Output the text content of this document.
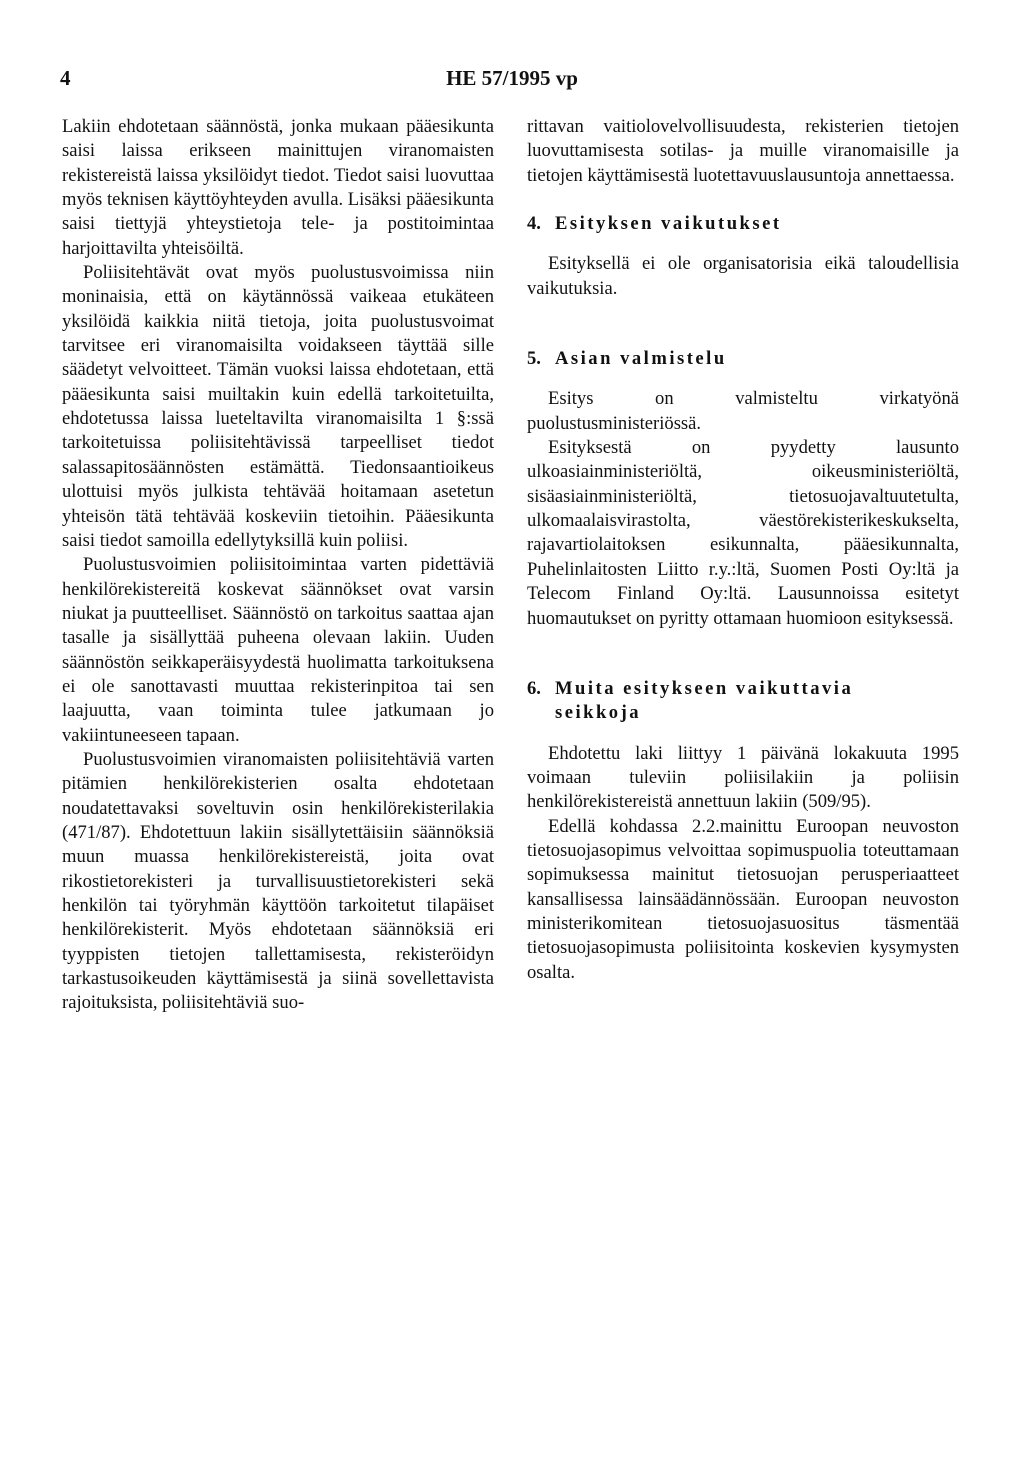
4	HE 57/1995 vp

Lakiin ehdotetaan säännöstä, jonka mukaan pääesikunta saisi laissa erikseen mainittujen viranomaisten rekistereistä laissa yksilöidyt tiedot. Tiedot saisi luovuttaa myös teknisen käyttöyhteyden avulla. Lisäksi pääesikunta saisi tiettyjä yhteystietoja tele- ja postitoimintaa harjoittavilta yhteisöiltä.

Poliisitehtävät ovat myös puolustusvoimissa niin moninaisia, että on käytännössä vaikeaa etukäteen yksilöidä kaikkia niitä tietoja, joita puolustusvoimat tarvitsee eri viranomaisilta voidakseen täyttää sille säädetyt velvoitteet. Tämän vuoksi laissa ehdotetaan, että pääesikunta saisi muiltakin kuin edellä tarkoitetuilta, ehdotetussa laissa lueteltavilta viranomaisilta 1 §:ssä tarkoitetuissa poliisitehtävissä tarpeelliset tiedot salassapitosäännösten estämättä. Tiedonsaantioikeus ulottuisi myös julkista tehtävää hoitamaan asetetun yhteisön tätä tehtävää koskeviin tietoihin. Pääesikunta saisi tiedot samoilla edellytyksillä kuin poliisi.

Puolustusvoimien poliisitoimintaa varten pidettäviä henkilörekistereitä koskevat säännökset ovat varsin niukat ja puutteelliset. Säännöstö on tarkoitus saattaa ajan tasalle ja sisällyttää puheena olevaan lakiin. Uuden säännöstön seikkaperäisyydestä huolimatta tarkoituksena ei ole sanottavasti muuttaa rekisterinpitoa tai sen laajuutta, vaan toiminta tulee jatkumaan jo vakiintuneeseen tapaan.

Puolustusvoimien viranomaisten poliisitehtäviä varten pitämien henkilörekisterien osalta ehdotetaan noudatettavaksi soveltuvin osin henkilörekisterilakia (471/87). Ehdotettuun lakiin sisällytettäisiin säännöksiä muun muassa henkilörekistereistä, joita ovat rikostietorekisteri ja turvallisuustietorekisteri sekä henkilön tai työryhmän käyttöön tarkoitetut tilapäiset henkilörekisterit. Myös ehdotetaan säännöksiä eri tyyppisten tietojen tallettamisesta, rekisteröidyn tarkastusoikeuden käyttämisestä ja siinä sovellettavista rajoituksista, poliisitehtäviä suo-

rittavan vaitiolovelvollisuudesta, rekisterien tietojen luovuttamisesta sotilas- ja muille viranomaisille ja tietojen käyttämisestä luotettavuuslausuntoja annettaessa.

4. Esityksen vaikutukset

Esityksellä ei ole organisatorisia eikä taloudellisia vaikutuksia.

5. Asian valmistelu

Esitys on valmisteltu virkatyönä puolustusministeriössä.

Esityksestä on pyydetty lausunto ulkoasiainministeriöltä, oikeusministeriöltä, sisäasiainministeriöltä, tietosuojavaltuutetulta, ulkomaalaisvirastolta, väestörekisterikeskukselta, rajavartiolaitoksen esikunnalta, pääesikunnalta, Puhelinlaitosten Liitto r.y.:ltä, Suomen Posti Oy:ltä ja Telecom Finland Oy:ltä. Lausunnoissa esitetyt huomautukset on pyritty ottamaan huomioon esityksessä.

6. Muita esitykseen vaikuttavia
seikkoja

Ehdotettu laki liittyy 1 päivänä lokakuuta 1995 voimaan tuleviin poliisilakiin ja poliisin henkilörekistereistä annettuun lakiin (509/95).

Edellä kohdassa 2.2.mainittu Euroopan neuvoston tietosuojasopimus velvoittaa sopimuspuolia toteuttamaan sopimuksessa mainitut tietosuojan perusperiaatteet kansallisessa lainsäädännössään. Euroopan neuvoston ministerikomitean tietosuojasuositus täsmentää tietosuojasopimusta poliisitointa koskevien kysymysten osalta.
